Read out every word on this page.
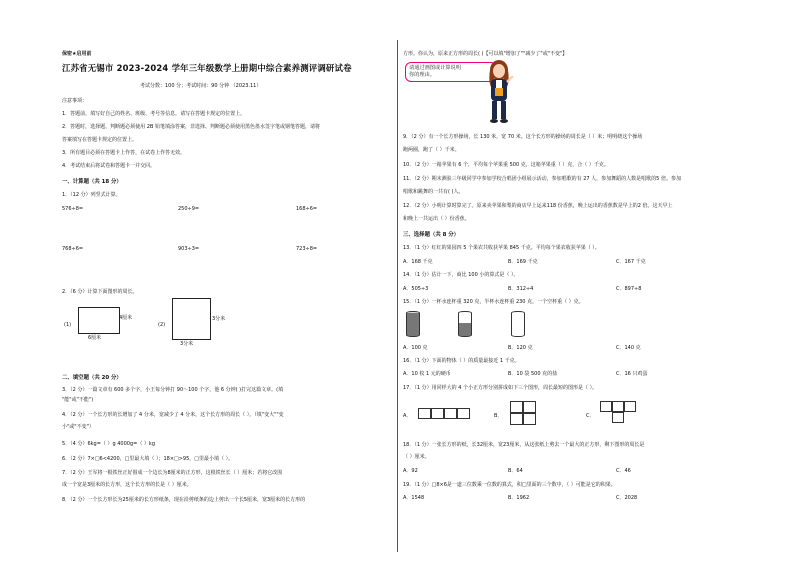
保密★启用前
江苏省无锡市 2023-2024 学年三年级数学上册期中综合素养测评调研试卷
考试分数：100 分；考试时间：90 分钟 （2023.11）
注意事项：
1．答题前，填写好自己的姓名、班级、考号等信息，请写在答题卡规定的位置上。
2．答题时，选择题、判断题必须使用 2B 铅笔填涂答案，非选择、判断题必须使用黑色墨水签字笔或钢笔答题，请将
答案填写在答题卡规定的位置上。
3．所有题目必须在答题卡上作答，在试卷上作答无效。
4．考试结束后将试卷和答题卡一并交回。
一、计算题（共 18 分）
1．（12 分）列竖式计算。
576÷8=	250÷9=	168÷6=
768÷6=	903÷3=	723÷8=
2．（6 分）计算下面图形的周长。
(1)
4厘米
6厘米
(2)
3分米
3分米
二、填空题（共 20 分）
3．（2 分）一篇文章有 600 多个字，小王每分钟打 90～100 个字，他 6 分钟( )打完这篇文章。(填
"能"或"不能")
4．（2 分）一个长方形的长增加了 4 分米，宽减少了 4 分米，这个长方形的周长（ ）。（填"变大""变
小"或"不变"）
5．（4 分）6kg=（ ）g 4000g=（ ）kg
6．（2 分）7×□6<4200，□里最大填（ ）；18×□>95，□里最小填（ ）。
7．（2 分）王军将一根铁丝正好围成一个边长为8厘米的正方形，这根铁丝长（ ）厘米；若将它改围
成一个宽是3厘米的长方形，这个长方形的长是（ ）厘米。
8．（2 分）一个长方形长为25厘米的长方形纸条，现在沿剪纸条的边上剪出一个长5厘米，宽3厘米的长方形的
方形。你认为，原来正方形的周长( )【可以填"增加了""减少了"或"不变"】
请通过画图或计算说明
你的理由。
9．（2 分）有一个长方形操场，长 130 米，宽 70 米。这个长方形的操场的周长是（ ）米；明明绕这个操场
跑两圈，跑了（ ）千米。
10．（2 分）一箱苹果有 6 个，平均每个苹果重 500 克，这箱苹果重（ ）克，合（ ）千克。
11．（2 分）期末测验三年级同学中参加学校合唱团小组展示活动，参加唱歌的有 27 人，参加舞蹈的人数是唱歌的5 倍。参加
唱歌和跳舞的一共有( )人。
12．（2 分）小明计算时算完了。原来卖苹果和梨的商店早上运来118 份香蕉，晚上运出的香蕉数是早上的2 倍。这天早上
和晚上一共运出（ ）份香蕉。
三、选择题（共 8 分）
13．（1 分）红红的果园四 5 个果农共收获苹果 845 千克。平均每个果农收获苹果（ ）。
A．168 千克	B．169 千克	C．167 千克
14．（1 分）估计一下，商比 100 小的算式是（ ）。
A．505÷3	B．312÷4	C．897÷8
15．（1 分）一杯水连杯重 320 克，半杯水连杯重 230 克，一个空杯重（ ）克。
A．100 克	B．120 克	C．140 克
16．（1 分）下面的物体（ ）的质量最接近 1 千克。
A．10 枚 1 元的硬币	B．10 袋 500 克的盐	C．16 只鸡蛋
17．（1 分）用同样大的 4 个小正方形分别拼成如下三个图形，周长最短的图形是（ ）。
A．	B．	C．
18．（1 分）一张长方形的纸，长32厘米，宽23厘米，从这张纸上剪去一个最大的正方形，剩下图形的周长是
（ ）厘米。
A．92	B．64	C．46
19．（1 分）□8×6是一道三位数乘一位数的算式，积□里面的三个数中，（ ）可能是它的积果。
A．1548	B．1962	C．2028
